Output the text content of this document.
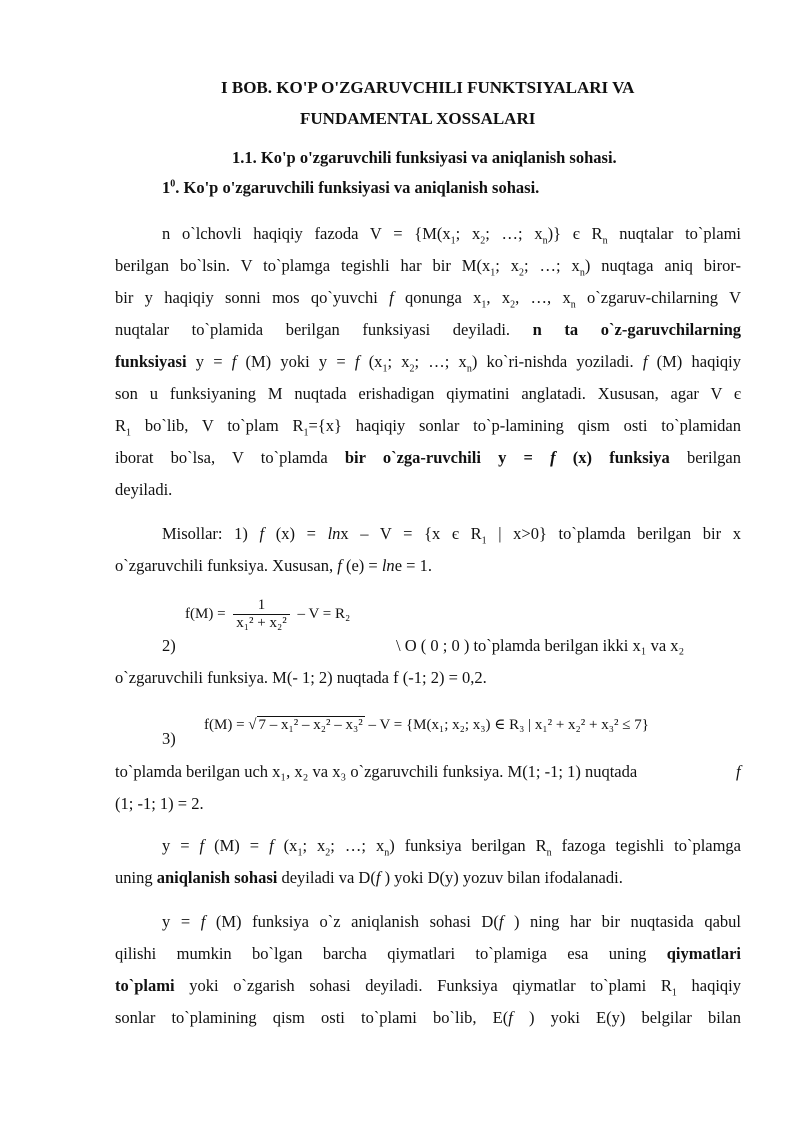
I BOB. KO'P O'ZGARUVCHILI FUNKTSIYALARI VA
FUNDAMENTAL XOSSALARI
1.1. Ko'p o'zgaruvchili funksiyasi va aniqlanish sohasi.
$1^0$. Ko'p o'zgaruvchili funksiyasi va aniqlanish sohasi.
n o`lchovli haqiqiy fazoda $V = \{M(x_1$; $x_2$; …; $x_n$)} є $R_n$ nuqtalar to`plami
berilgan bo`lsin. V to`plamga tegishli har bir $M(x_1$; $x_2$; …; $x_n$) nuqtaga aniq biror-
bir y haqiqiy sonni mos qo`yuvchi f qonunga $x_1$, $x_2$, …, $x_n$ o`zgaruv-chilarning V
nuqtalar to`plamida berilgan funksiyasi deyiladi. n ta o`z-garuvchilarning
funksiyasi y = f (M) yoki y = f ($x_1$; $x_2$; …; $x_n$) ko`ri-nishda yoziladi. f (M) haqiqiy
son u funksiyaning M nuqtada erishadigan qiymatini anglatadi. Xususan, agar V є
$R_1$ bo`lib, V to`plam $R_1=\{x\}$ haqiqiy sonlar to`p-lamining qism osti to`plamidan
iborat bo`lsa, V to`plamda bir o`zga-ruvchili y = f (x) funksiya berilgan
deyiladi.
Misollar: 1) f (x) = lnx – V = {x є $R_1$ | x>0} to`plamda berilgan bir x
o`zgaruvchili funksiya. Xususan, f (e) = lne = 1.
$f(M) = \frac{1}{\text{x₁² + x₂²}} - V = R_2$
2)	\ O ( 0 ; 0 ) to`plamda berilgan ikki x₁ va x₂
o`zgaruvchili funksiya. M(- 1; 2) nuqtada f (-1; 2) = 0,2.
3)
f(M) = √ 7 – x₁² – x₂² – x₃² – V = {M(x₁; x₂; x₃) ∈ R₃ | x₁² + x₂² + x₃² ≤ 7}
to`plamda berilgan uch x₁, x₂ va x₃ o`zgaruvchili funksiya. M(1; -1; 1) nuqtada	f
(1; -1; 1) = 2.
y = f (M) = f ($x_1$; $x_2$; …; $x_n$) funksiya berilgan $R_n$ fazoga tegishli to`plamga
uning aniqlanish sohasi deyiladi va D(f ) yoki D(y) yozuv bilan ifodalanadi.
y = f (M) funksiya o`z aniqlanish sohasi D(f ) ning har bir nuqtasida qabul
qilishi mumkin bo`lgan barcha qiymatlari to`plamiga esa uning qiymatlari
to`plami yoki o`zgarish sohasi deyiladi. Funksiya qiymatlar to`plami $R_1$ haqiqiy
sonlar to`plamining qism osti to`plami bo`lib, E(f ) yoki E(y) belgilar bilan
